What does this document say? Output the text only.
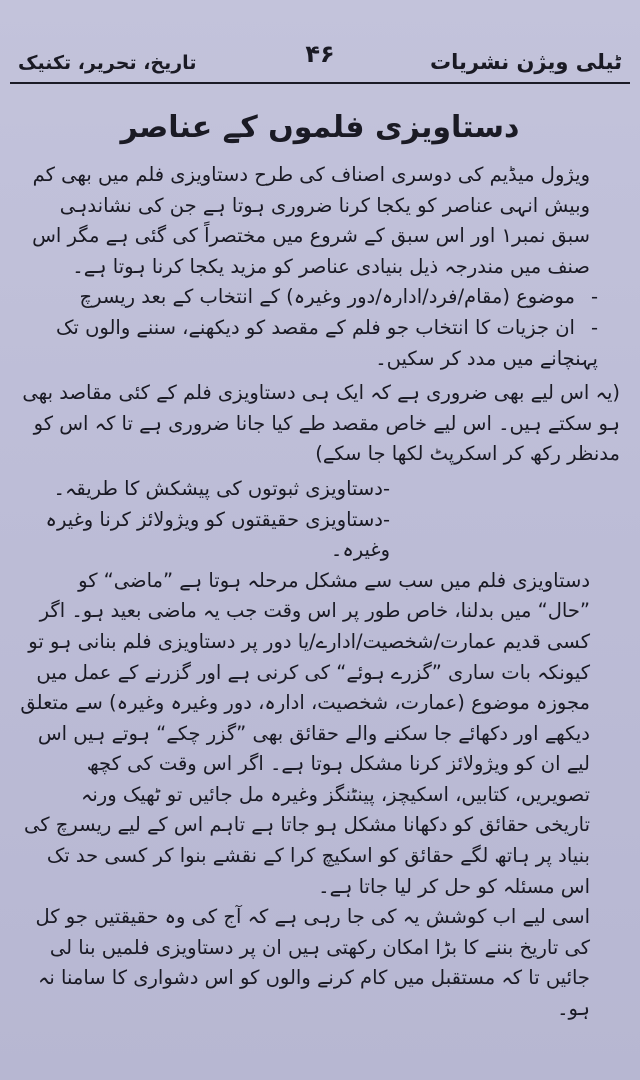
تاریخ، تحریر، تکنیک	۴۶	ٹیلی ویژن نشریات
دستاویزی فلموں کے عناصر

ویژول میڈیم کی دوسری اصناف کی طرح دستاویزی فلم میں بھی کم وبیش انہی عناصر کو یکجا کرنا ضروری ہوتا ہے جن کی نشاندہی سبق نمبر۱ اور اس سبق کے شروع میں مختصراً کی گئی ہے مگر اس صنف میں مندرجہ ذیل بنیادی عناصر کو مزید یکجا کرنا ہوتا ہے۔

-موضوع (مقام/فرد/ادارہ/دور وغیرہ) کے انتخاب کے بعد ریسرچ

-ان جزیات کا انتخاب جو فلم کے مقصد کو دیکھنے، سننے والوں تک پہنچانے میں مدد کر سکیں۔

(یہ اس لیے بھی ضروری ہے کہ ایک ہی دستاویزی فلم کے کئی مقاصد بھی ہو سکتے ہیں۔ اس لیے خاص مقصد طے کیا جانا ضروری ہے تا کہ اس کو مدنظر رکھ کر اسکرپٹ لکھا جا سکے)

-دستاویزی ثبوتوں کی پیشکش کا طریقہ۔

-دستاویزی حقیقتوں کو ویژولائز کرنا وغیرہ وغیرہ۔

دستاویزی فلم میں سب سے مشکل مرحلہ ہوتا ہے ”ماضی“ کو ”حال“ میں بدلنا، خاص طور پر اس وقت جب یہ ماضی بعید ہو۔ اگر کسی قدیم عمارت/شخصیت/ادارے/یا دور پر دستاویزی فلم بنانی ہو تو کیونکہ بات ساری ”گزرے ہوئے“ کی کرنی ہے اور گزرنے کے عمل میں مجوزہ موضوع (عمارت، شخصیت، ادارہ، دور وغیرہ وغیرہ) سے متعلق دیکھے اور دکھائے جا سکنے والے حقائق بھی ”گزر چکے“ ہوتے ہیں اس لیے ان کو ویژولائز کرنا مشکل ہوتا ہے۔ اگر اس وقت کی کچھ تصویریں، کتابیں، اسکیچز، پینٹنگز وغیرہ مل جائیں تو ٹھیک ورنہ تاریخی حقائق کو دکھانا مشکل ہو جاتا ہے تاہم اس کے لیے ریسرچ کی بنیاد پر ہاتھ لگے حقائق کو اسکیچ کرا کے نقشے بنوا کر کسی حد تک اس مسئلہ کو حل کر لیا جاتا ہے۔

اسی لیے اب کوشش یہ کی جا رہی ہے کہ آج کی وہ حقیقتیں جو کل کی تاریخ بننے کا بڑا امکان رکھتی ہیں ان پر دستاویزی فلمیں بنا لی جائیں تا کہ مستقبل میں کام کرنے والوں کو اس دشواری کا سامنا نہ ہو۔
